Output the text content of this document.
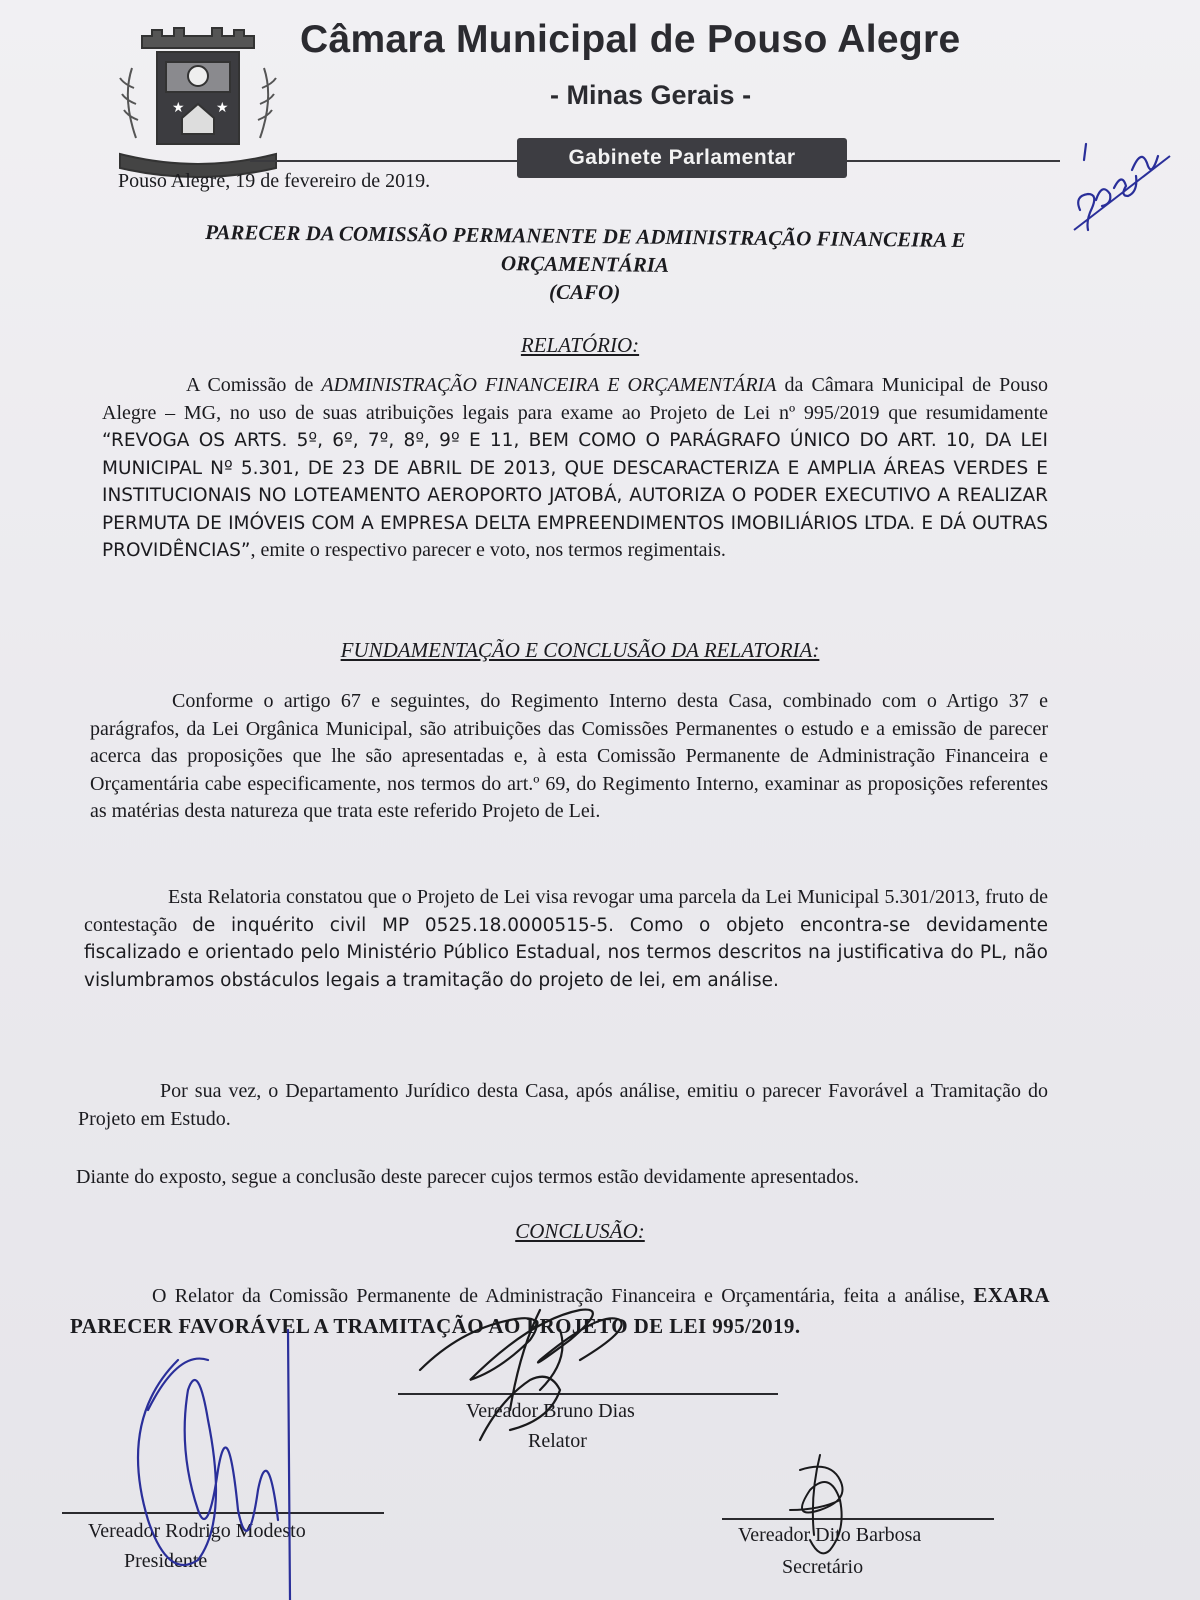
★ ★
Câmara Municipal de Pouso Alegre
- Minas Gerais -
Gabinete Parlamentar
Pouso Alegre, 19 de fevereiro de 2019.
PARECER DA COMISSÃO PERMANENTE DE ADMINISTRAÇÃO FINANCEIRA E
ORÇAMENTÁRIA
(CAFO)
RELATÓRIO:
A Comissão de ADMINISTRAÇÃO FINANCEIRA E ORÇAMENTÁRIA da Câmara Municipal de Pouso Alegre – MG, no uso de suas atribuições legais para exame ao Projeto de Lei nº 995/2019 que resumidamente “REVOGA OS ARTS. 5º, 6º, 7º, 8º, 9º E 11, BEM COMO O PARÁGRAFO ÚNICO DO ART. 10, DA LEI MUNICIPAL Nº 5.301, DE 23 DE ABRIL DE 2013, QUE DESCARACTERIZA E AMPLIA ÁREAS VERDES E INSTITUCIONAIS NO LOTEAMENTO AEROPORTO JATOBÁ, AUTORIZA O PODER EXECUTIVO A REALIZAR PERMUTA DE IMÓVEIS COM A EMPRESA DELTA EMPREENDIMENTOS IMOBILIÁRIOS LTDA. E DÁ OUTRAS PROVIDÊNCIAS”, emite o respectivo parecer e voto, nos termos regimentais.
FUNDAMENTAÇÃO E CONCLUSÃO DA RELATORIA:
Conforme o artigo 67 e seguintes, do Regimento Interno desta Casa, combinado com o Artigo 37 e parágrafos, da Lei Orgânica Municipal, são atribuições das Comissões Permanentes o estudo e a emissão de parecer acerca das proposições que lhe são apresentadas e, à esta Comissão Permanente de Administração Financeira e Orçamentária cabe especificamente, nos termos do art.º 69, do Regimento Interno, examinar as proposições referentes as matérias desta natureza que trata este referido Projeto de Lei.
Esta Relatoria constatou que o Projeto de Lei visa revogar uma parcela da Lei Municipal 5.301/2013, fruto de contestação de inquérito civil MP 0525.18.0000515-5. Como o objeto encontra-se devidamente fiscalizado e orientado pelo Ministério Público Estadual, nos termos descritos na justificativa do PL, não vislumbramos obstáculos legais a tramitação do projeto de lei, em análise.
Por sua vez, o Departamento Jurídico desta Casa, após análise, emitiu o parecer Favorável a Tramitação do Projeto em Estudo.
Diante do exposto, segue a conclusão deste parecer cujos termos estão devidamente apresentados.
CONCLUSÃO:
O Relator da Comissão Permanente de Administração Financeira e Orçamentária, feita a análise, EXARA PARECER FAVORÁVEL A TRAMITAÇÃO AO PROJETO DE LEI 995/2019.
Vereador Bruno Dias
Relator
Vereador Rodrigo Modesto
Presidente
Vereador Dito Barbosa
Secretário
